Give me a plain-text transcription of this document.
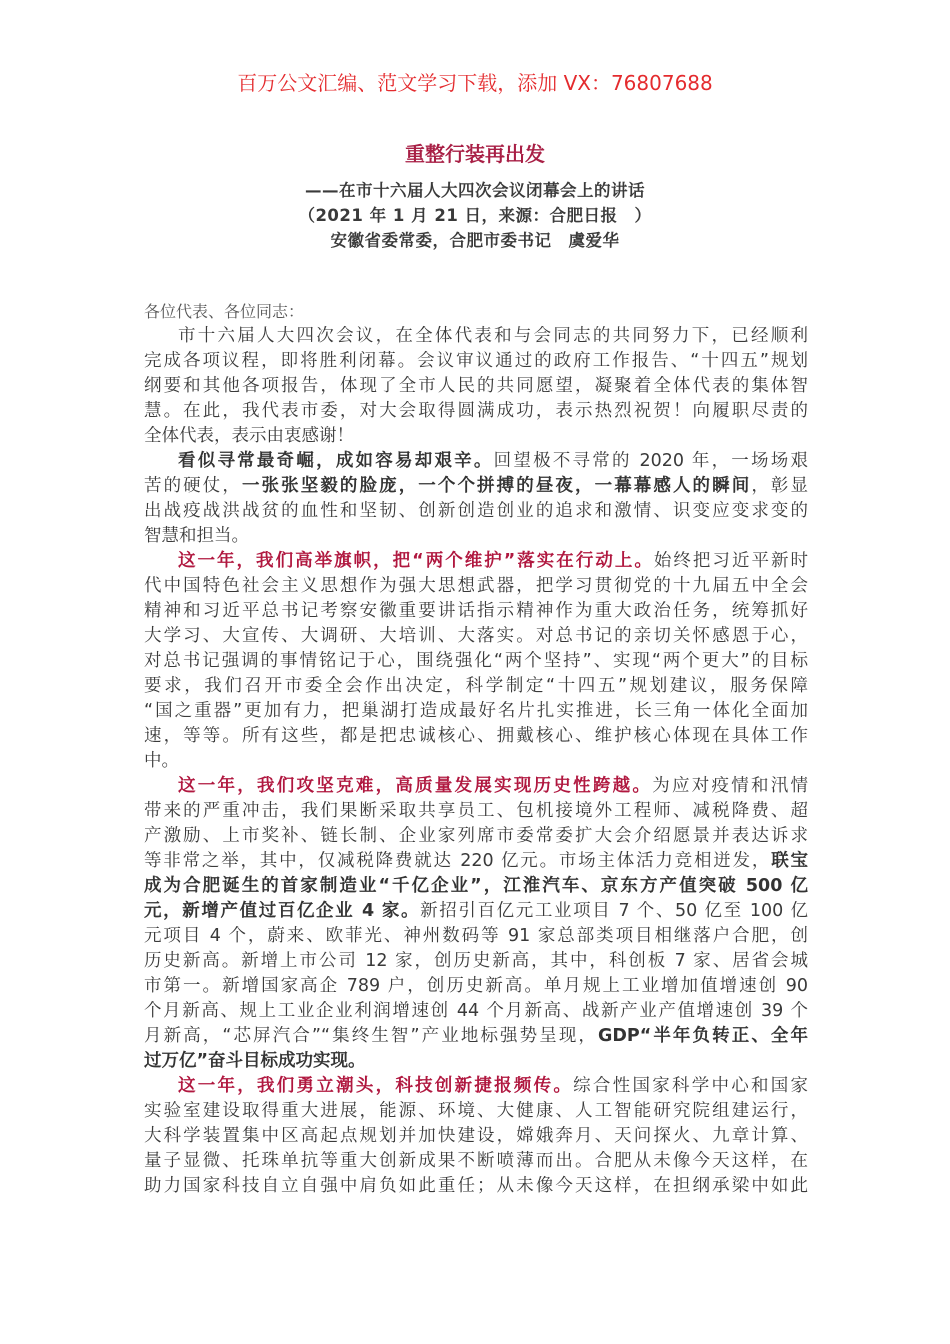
百万公文汇编、范文学习下载，添加 VX：76807688
重整行装再出发
——在市十六届人大四次会议闭幕会上的讲话
（2021 年 1 月 21 日，来源：合肥日报　）
安徽省委常委，合肥市委书记　虞爱华
各位代表、各位同志：
市十六届人大四次会议，在全体代表和与会同志的共同努力下，已经顺利
完成各项议程，即将胜利闭幕。会议审议通过的政府工作报告、“十四五”规划
纲要和其他各项报告，体现了全市人民的共同愿望，凝聚着全体代表的集体智
慧。在此，我代表市委，对大会取得圆满成功，表示热烈祝贺！向履职尽责的
全体代表，表示由衷感谢！
看似寻常最奇崛，成如容易却艰辛。回望极不寻常的 2020 年，一场场艰
苦的硬仗，一张张坚毅的脸庞，一个个拼搏的昼夜，一幕幕感人的瞬间，彰显
出战疫战洪战贫的血性和坚韧、创新创造创业的追求和激情、识变应变求变的
智慧和担当。
这一年，我们高举旗帜，把“两个维护”落实在行动上。始终把习近平新时
代中国特色社会主义思想作为强大思想武器，把学习贯彻党的十九届五中全会
精神和习近平总书记考察安徽重要讲话指示精神作为重大政治任务，统筹抓好
大学习、大宣传、大调研、大培训、大落实。对总书记的亲切关怀感恩于心，
对总书记强调的事情铭记于心，围绕强化“两个坚持”、实现“两个更大”的目标
要求，我们召开市委全会作出决定，科学制定“十四五”规划建议，服务保障
“国之重器”更加有力，把巢湖打造成最好名片扎实推进，长三角一体化全面加
速，等等。所有这些，都是把忠诚核心、拥戴核心、维护核心体现在具体工作
中。
这一年，我们攻坚克难，高质量发展实现历史性跨越。为应对疫情和汛情
带来的严重冲击，我们果断采取共享员工、包机接境外工程师、减税降费、超
产激励、上市奖补、链长制、企业家列席市委常委扩大会介绍愿景并表达诉求
等非常之举，其中，仅减税降费就达 220 亿元。市场主体活力竞相迸发，联宝
成为合肥诞生的首家制造业“千亿企业”，江淮汽车、京东方产值突破 500 亿
元，新增产值过百亿企业 4 家。新招引百亿元工业项目 7 个、50 亿至 100 亿
元项目 4 个，蔚来、欧菲光、神州数码等 91 家总部类项目相继落户合肥，创
历史新高。新增上市公司 12 家，创历史新高，其中，科创板 7 家、居省会城
市第一。新增国家高企 789 户，创历史新高。单月规上工业增加值增速创 90
个月新高、规上工业企业利润增速创 44 个月新高、战新产业产值增速创 39 个
月新高，“芯屏汽合”“集终生智”产业地标强势呈现，GDP“半年负转正、全年
过万亿”奋斗目标成功实现。
这一年，我们勇立潮头，科技创新捷报频传。综合性国家科学中心和国家
实验室建设取得重大进展，能源、环境、大健康、人工智能研究院组建运行，
大科学装置集中区高起点规划并加快建设，嫦娥奔月、天问探火、九章计算、
量子显微、托珠单抗等重大创新成果不断喷薄而出。合肥从未像今天这样，在
助力国家科技自立自强中肩负如此重任；从未像今天这样，在担纲承梁中如此
